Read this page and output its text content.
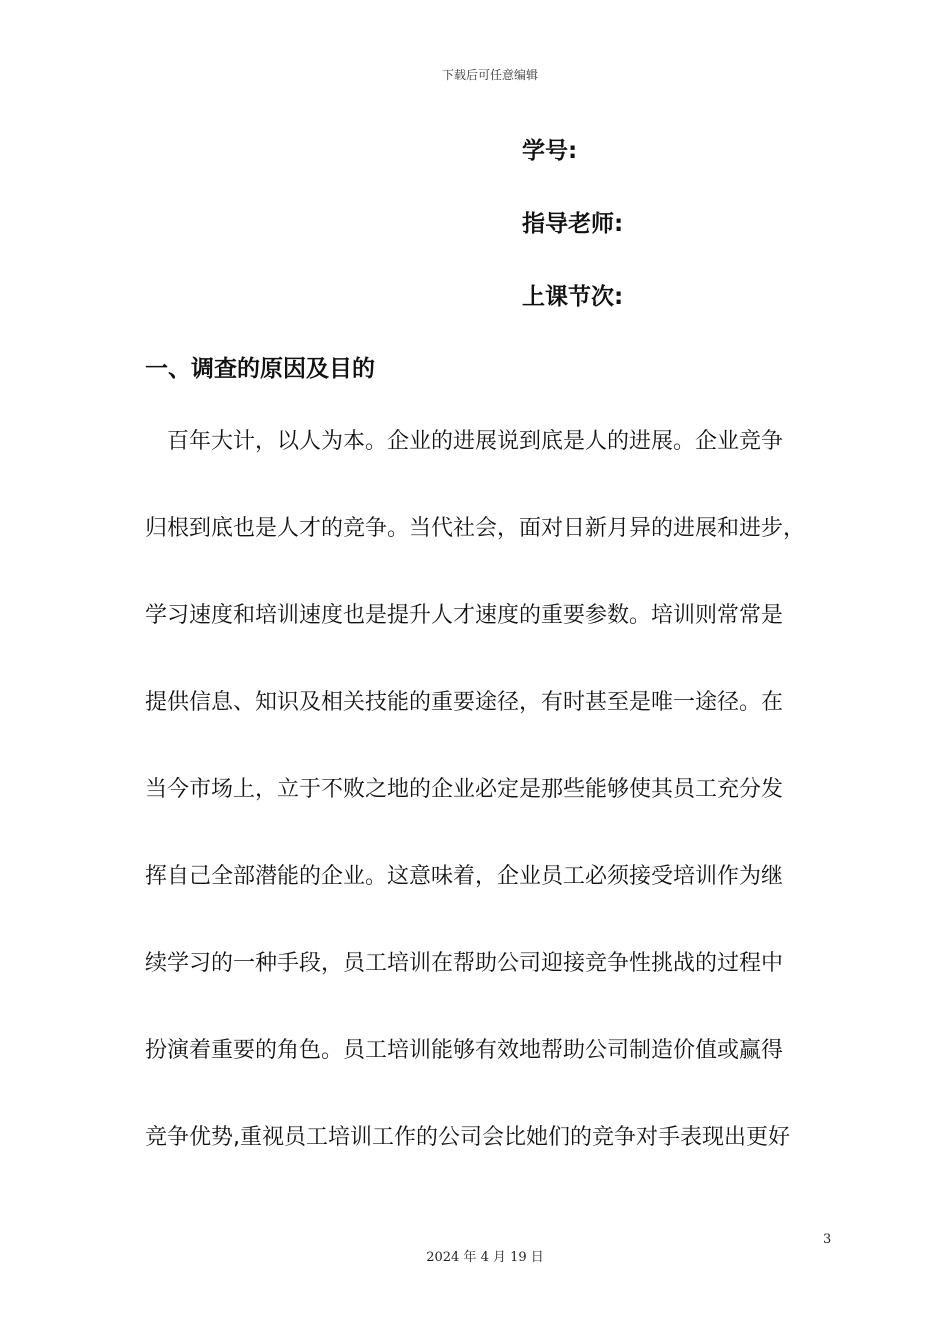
下载后可任意编辑
学号:
指导老师:
上课节次:
一、调查的原因及目的
　百年大计，以人为本。企业的进展说到底是人的进展。企业竞争
归根到底也是人才的竞争。当代社会，面对日新月异的进展和进步，
学习速度和培训速度也是提升人才速度的重要参数。培训则常常是
提供信息、知识及相关技能的重要途径，有时甚至是唯一途径。在
当今市场上，立于不败之地的企业必定是那些能够使其员工充分发
挥自己全部潜能的企业。这意味着，企业员工必须接受培训作为继
续学习的一种手段，员工培训在帮助公司迎接竞争性挑战的过程中
扮演着重要的角色。员工培训能够有效地帮助公司制造价值或赢得
竞争优势,重视员工培训工作的公司会比她们的竞争对手表现出更好
3
2024 年 4 月 19 日
